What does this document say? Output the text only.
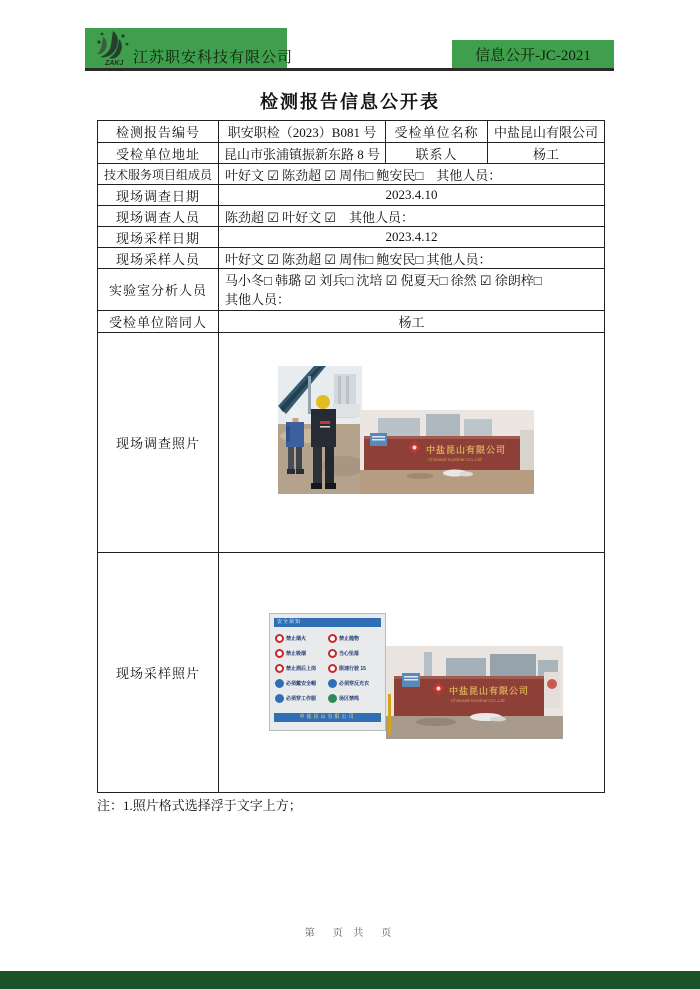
ZAKJ 江苏职安科技有限公司	信息公开-JC-2021
检测报告信息公开表
检测报告编号	职安职检（2023）B081 号	受检单位名称	中盐昆山有限公司
受检单位地址	昆山市张浦镇振新东路 8 号	联系人	杨工
技术服务项目组成员	叶好文 ☑ 陈劲超 ☑ 周伟□ 鲍安民□　其他人员：		
现场调查日期	2023.4.10		
现场调查人员	陈劲超 ☑ 叶好文 ☑　其他人员：		
现场采样日期	2023.4.12		
现场采样人员	叶好文 ☑ 陈劲超 ☑ 周伟□ 鲍安民□ 其他人员：		
实验室分析人员	马小冬□ 韩璐 ☑ 刘兵□ 沈培 ☑ 倪夏天□ 徐然 ☑ 徐朗梓□
其他人员：		

受检单位陪同人	杨工		
现场调查照片	中盐昆山有限公司
Chinasalt Kunshan Co.,Ltd		

现场采样照片	
安全须知	···
禁止烟火	禁止抛物
禁止吸烟	当心坠落
禁止酒后上岗	限速行驶 15
必须戴安全帽	必须穿反光衣
必须穿工作服	场区禁鸣
中盐昆山有限公司
中盐昆山有限公司
Chinasalt Kunshan Co.,Ltd
注：1.照片格式选择浮于文字上方；
第　页 共　页
